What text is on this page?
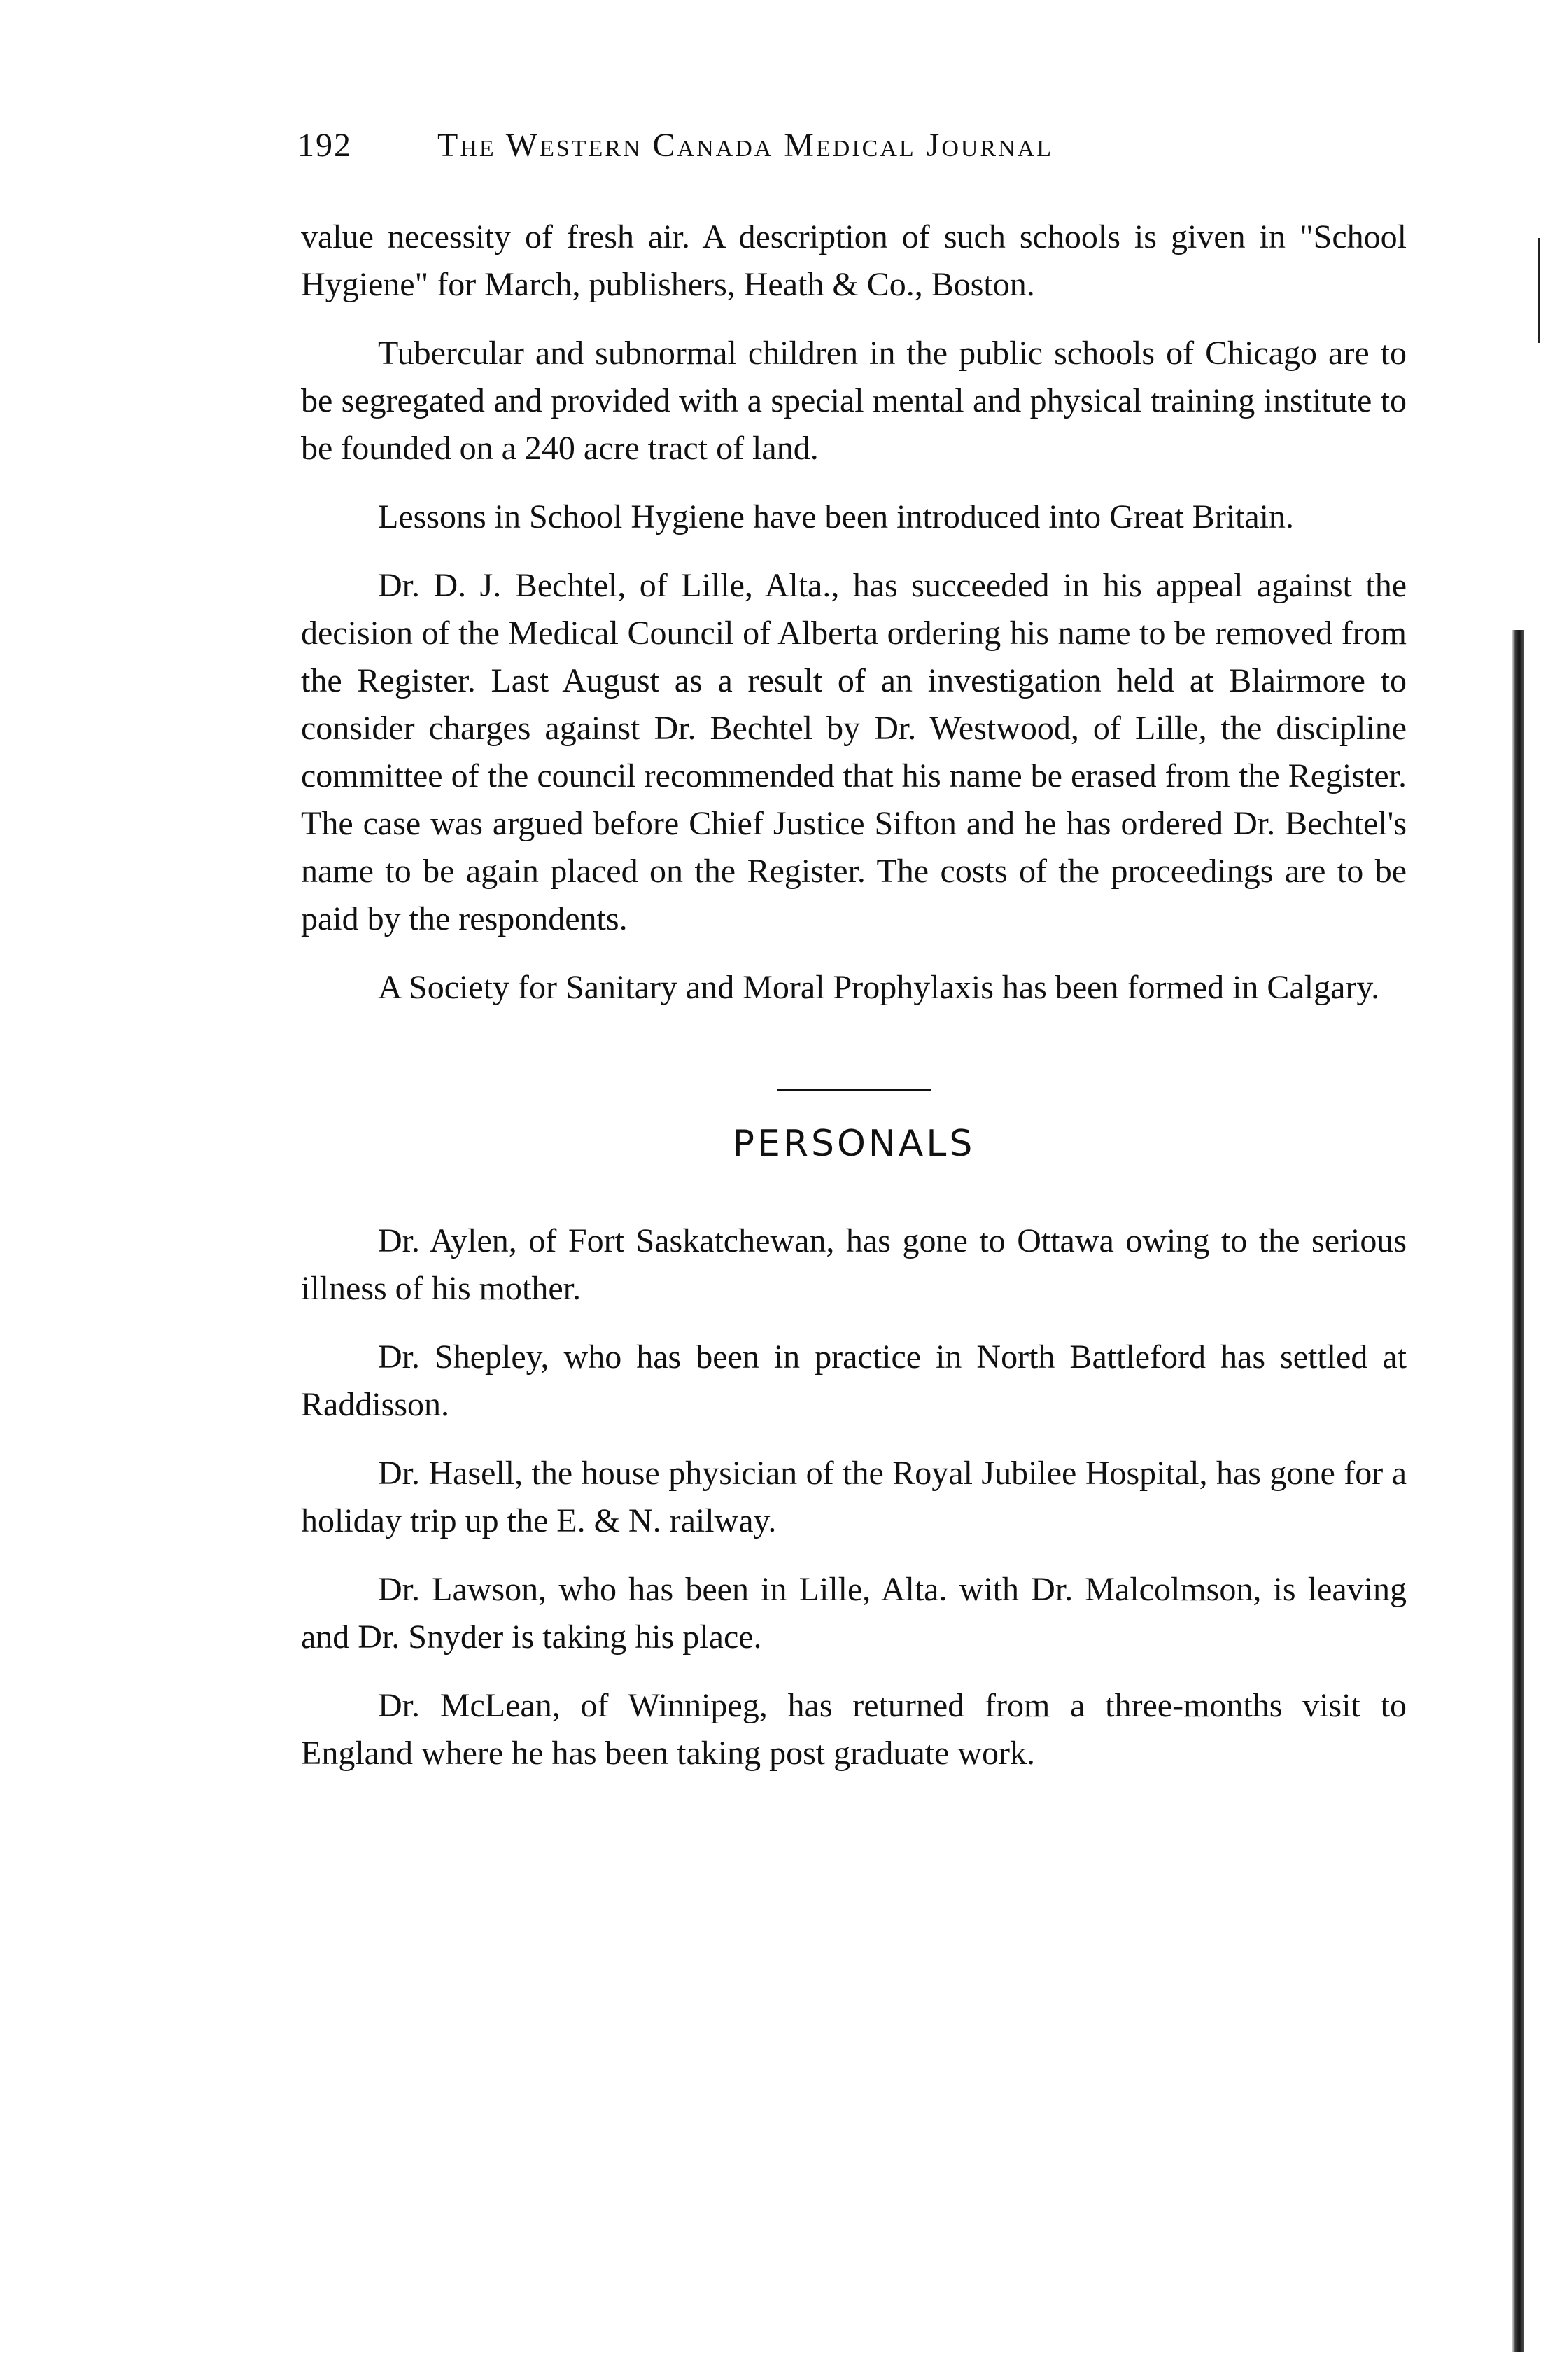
192	The Western Canada Medical Journal

value necessity of fresh air. A description of such schools is given in "School Hygiene" for March, publishers, Heath & Co., Boston.

Tubercular and subnormal children in the public schools of Chicago are to be segregated and provided with a special mental and physical training institute to be founded on a 240 acre tract of land.

Lessons in School Hygiene have been introduced into Great Britain.

Dr. D. J. Bechtel, of Lille, Alta., has succeeded in his appeal against the decision of the Medical Council of Alberta ordering his name to be removed from the Register. Last August as a result of an investigation held at Blairmore to consider charges against Dr. Bechtel by Dr. Westwood, of Lille, the discipline committee of the council recommended that his name be erased from the Register. The case was argued before Chief Justice Sifton and he has ordered Dr. Bechtel's name to be again placed on the Register. The costs of the proceedings are to be paid by the respondents.

A Society for Sanitary and Moral Prophylaxis has been formed in Calgary.

PERSONALS

Dr. Aylen, of Fort Saskatchewan, has gone to Ottawa owing to the serious illness of his mother.

Dr. Shepley, who has been in practice in North Battleford has settled at Raddisson.

Dr. Hasell, the house physician of the Royal Jubilee Hospital, has gone for a holiday trip up the E. & N. railway.

Dr. Lawson, who has been in Lille, Alta. with Dr. Malcolmson, is leaving and Dr. Snyder is taking his place.

Dr. McLean, of Winnipeg, has returned from a three-months visit to England where he has been taking post graduate work.
